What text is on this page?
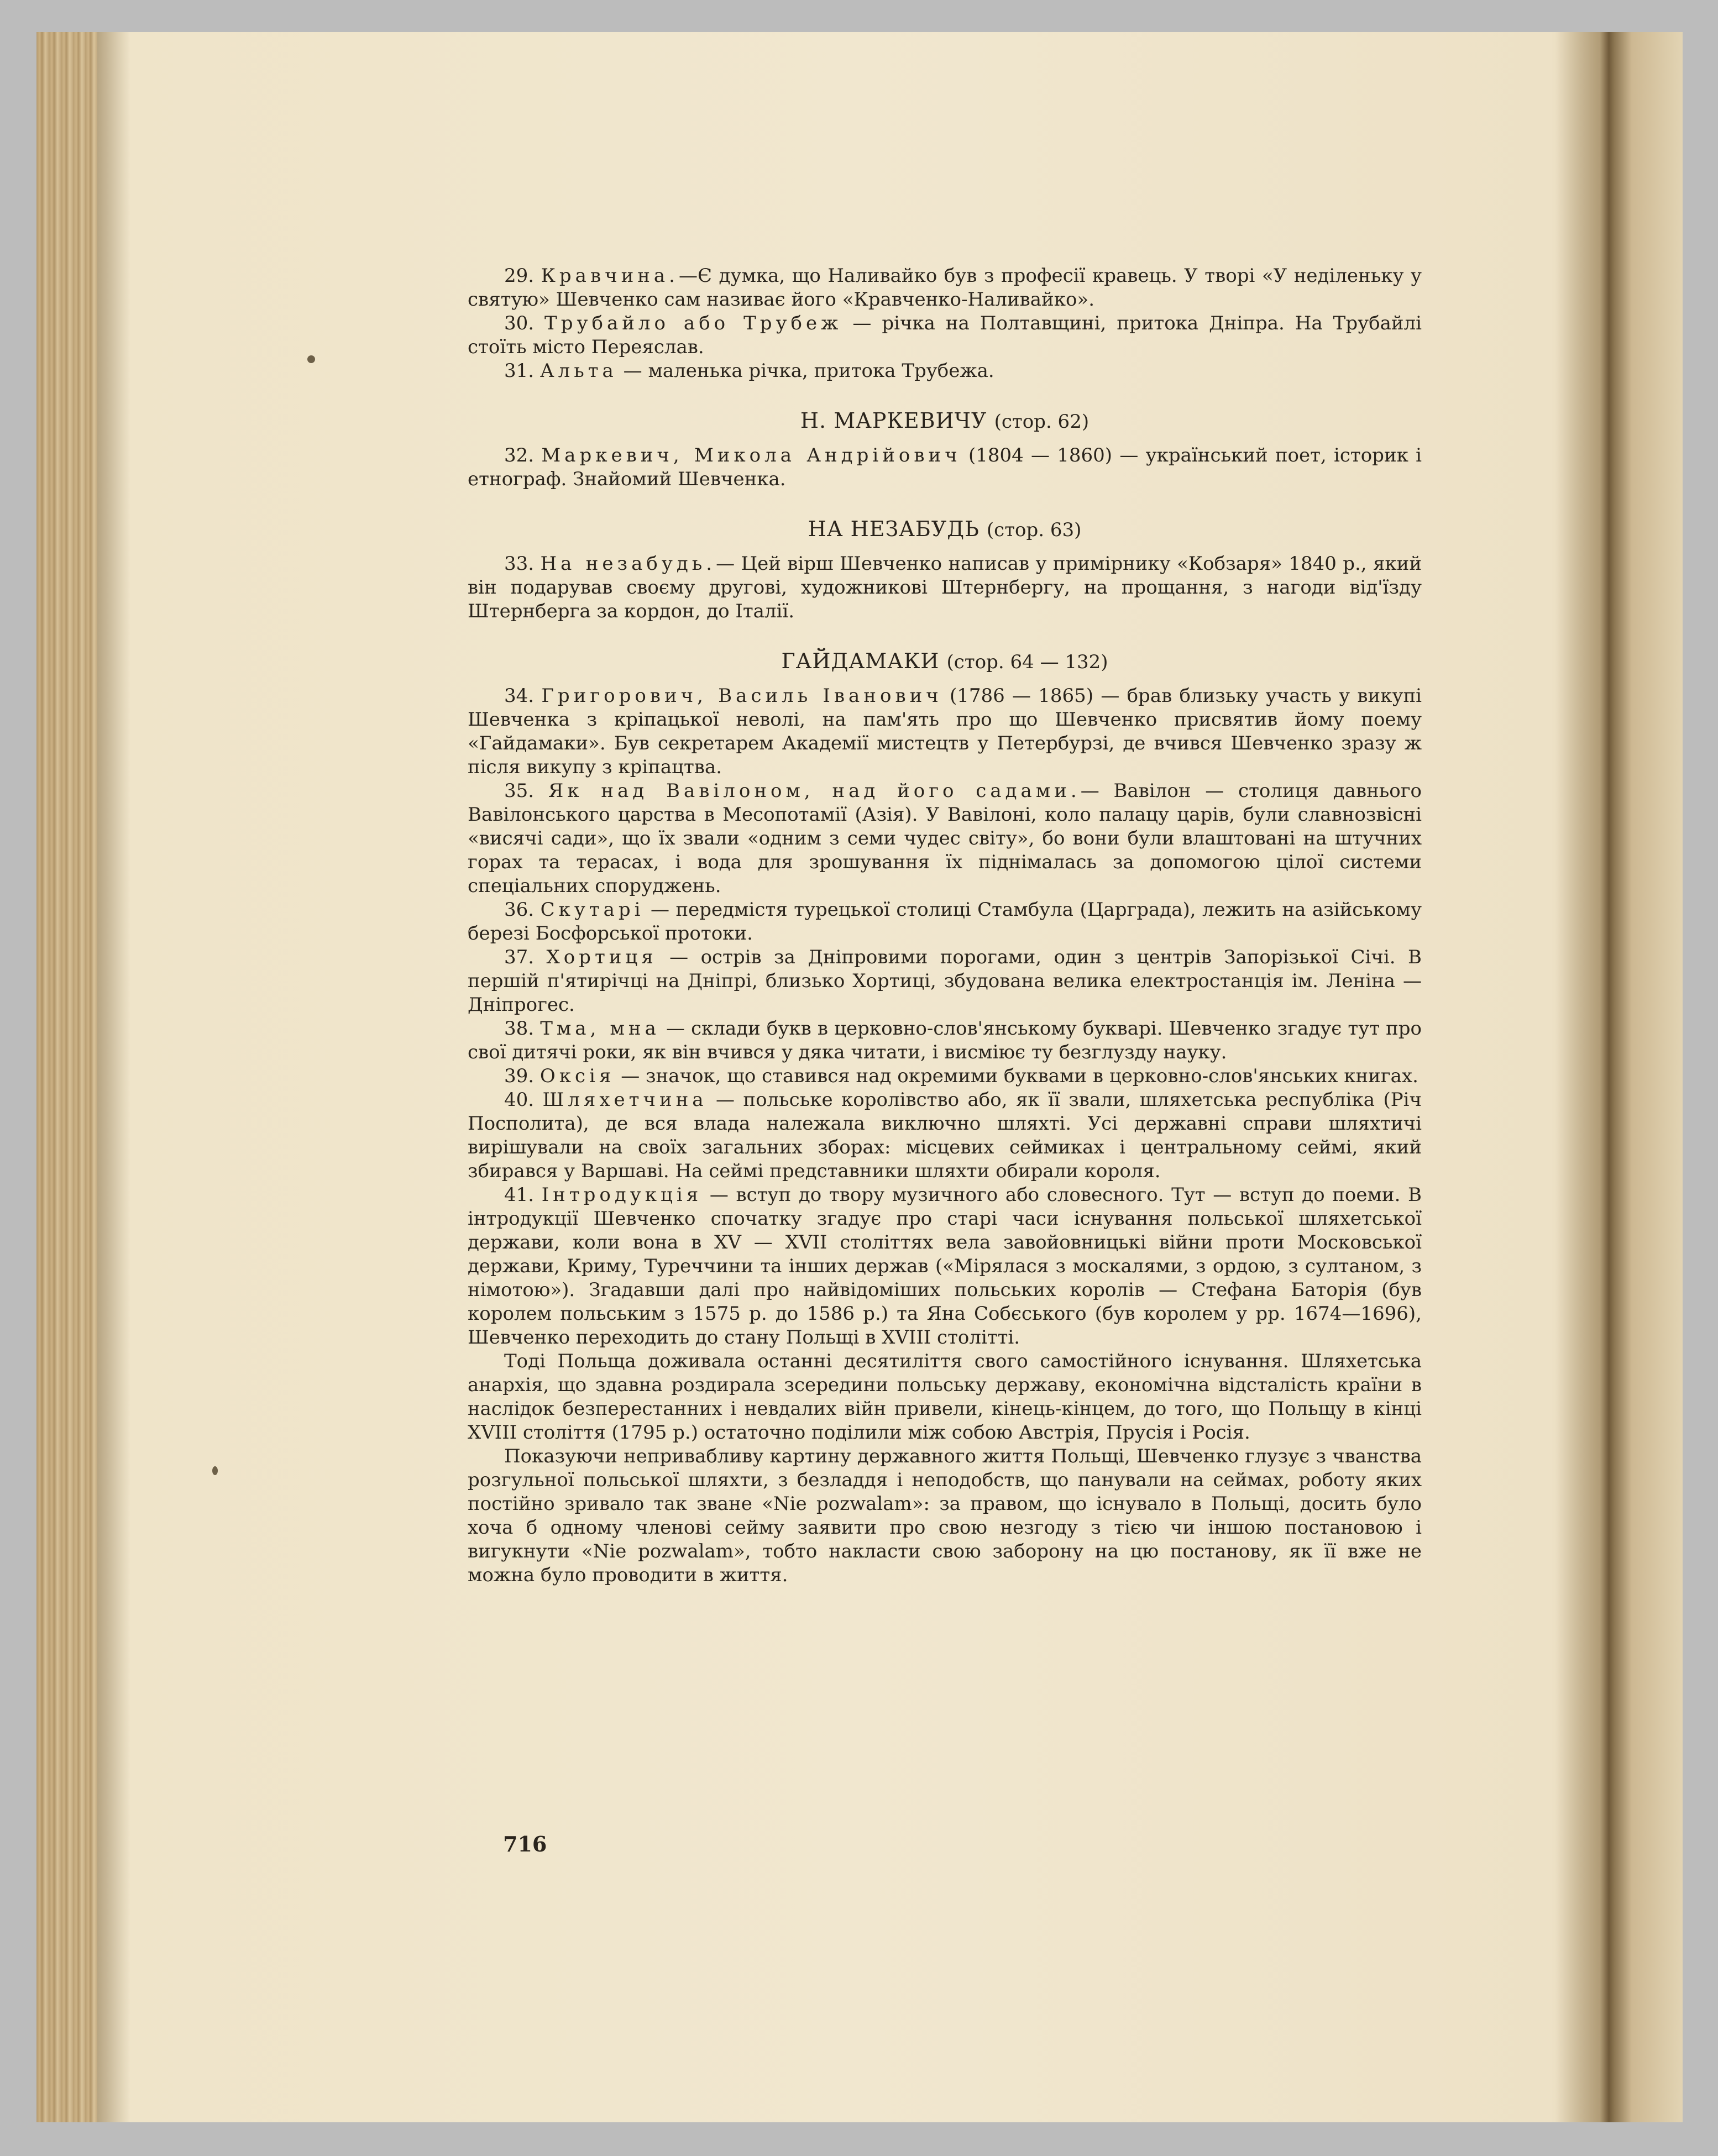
29. Кравчина.—Є думка, що Наливайко був з професії кравець. У творі «У неділеньку у святую» Шевченко сам називає його «Кравченко-Наливайко».

30. Трубайло або Трубеж — річка на Полтавщині, притока Дніпра. На Трубайлі стоїть місто Переяслав.

31. Альта — маленька річка, притока Трубежа.

Н. МАРКЕВИЧУ (стор. 62)

32. Маркевич, Микола Андрійович (1804 — 1860) — український поет, історик і етнограф. Знайомий Шевченка.

НА НЕЗАБУДЬ (стор. 63)

33. На незабудь.— Цей вірш Шевченко написав у примірнику «Кобзаря» 1840 р., який він подарував своєму другові, художникові Штернбергу, на прощання, з нагоди від'їзду Штернберга за кордон, до Італії.

ГАЙДАМАКИ (стор. 64 — 132)

34. Григорович, Василь Іванович (1786 — 1865) — брав близьку участь у викупі Шевченка з кріпацької неволі, на пам'ять про що Шевченко присвятив йому поему «Гайдамаки». Був секретарем Академії мистецтв у Петербурзі, де вчився Шевченко зразу ж після викупу з кріпацтва.

35. Як над Вавілоном, над його садами.— Вавілон — столиця давнього Вавілонського царства в Месопотамії (Азія). У Вавілоні, коло палацу царів, були славнозвісні «висячі сади», що їх звали «одним з семи чудес світу», бо вони були влаштовані на штучних горах та терасах, і вода для зрошування їх піднімалась за допомогою цілої системи спеціальних споруджень.

36. Скутарі — передмістя турецької столиці Стамбула (Царграда), лежить на азійському березі Босфорської протоки.

37. Хортиця — острів за Дніпровими порогами, один з центрів Запорізької Січі. В першій п'ятирічці на Дніпрі, близько Хортиці, збудована велика електростанція ім. Леніна — Дніпрогес.

38. Тма, мна — склади букв в церковно-слов'янському букварі. Шевченко згадує тут про свої дитячі роки, як він вчився у дяка читати, і висміює ту безглузду науку.

39. Оксія — значок, що ставився над окремими буквами в церковно-слов'янських книгах.

40. Шляхетчина — польське королівство або, як її звали, шляхетська республіка (Річ Посполита), де вся влада належала виключно шляхті. Усі державні справи шляхтичі вирішували на своїх загальних зборах: місцевих сеймиках і центральному сеймі, який збирався у Варшаві. На сеймі представники шляхти обирали короля.

41. Інтродукція — вступ до твору музичного або словесного. Тут — вступ до поеми. В інтродукції Шевченко спочатку згадує про старі часи існування польської шляхетської держави, коли вона в XV — XVII століттях вела завойовницькі війни проти Московської держави, Криму, Туреччини та інших держав («Мірялася з москалями, з ордою, з султаном, з німотою»). Згадавши далі про найвідоміших польських королів — Стефана Баторія (був королем польським з 1575 р. до 1586 р.) та Яна Собєського (був королем у рр. 1674—1696), Шевченко переходить до стану Польщі в XVIII столітті.

Тоді Польща доживала останні десятиліття свого самостійного існування. Шляхетська анархія, що здавна роздирала зсередини польську державу, економічна відсталість країни в наслідок безперестанних і невдалих війн привели, кінець-кінцем, до того, що Польщу в кінці XVIII століття (1795 р.) остаточно поділили між собою Австрія, Прусія і Росія.

Показуючи непривабливу картину державного життя Польщі, Шевченко глузує з чванства розгульної польської шляхти, з безладдя і неподобств, що панували на сеймах, роботу яких постійно зривало так зване «Nie pozwalam»: за правом, що існувало в Польщі, досить було хоча б одному членові сейму заявити про свою незгоду з тією чи іншою постановою і вигукнути «Nie pozwalam», тобто накласти свою заборону на цю постанову, як її вже не можна було проводити в життя.

716
